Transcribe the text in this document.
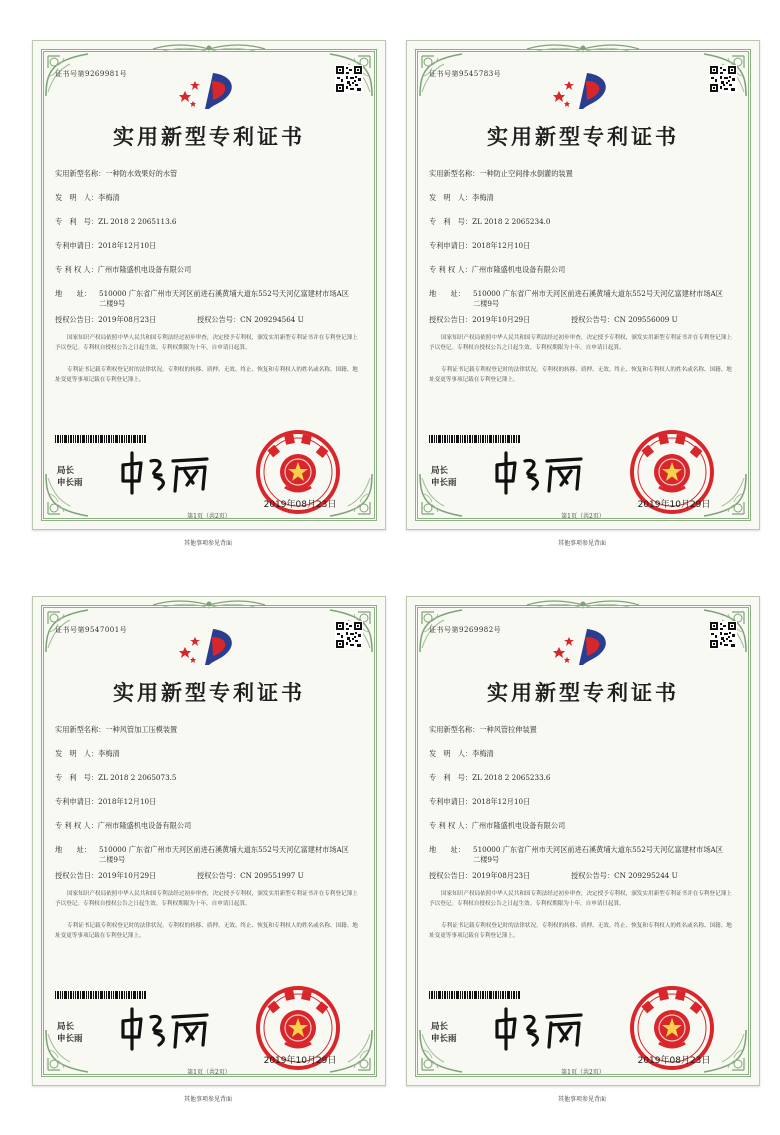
证书号第9269981号
实用新型专利证书
实用新型名称：一种防水效果好的水管
发　明　人：李梅清
专　利　号：ZL 2018 2 2065113.6
专利申请日：2018年12月10日
专 利 权 人：广州市隆盛机电设备有限公司
地　　址： 510000 广东省广州市天河区前进石溪黄埔大道东552号天河亿富建材市场A区二楼9号
授权公告日：2019年08月23日	授权公告号：CN 209294564 U
国家知识产权局依照中华人民共和国专利法经过初步审查，决定授予专利权，颁发实用新型专利证书并在专利登记簿上予以登记。专利权自授权公告之日起生效。专利权期限为十年，自申请日起算。
专利证书记载专利权登记时的法律状况。专利权的转移、质押、无效、终止、恢复和专利权人的姓名或名称、国籍、地址变更等事项记载在专利登记簿上。
局长
申长雨
2019年08月23日
第1页（共2页）
其他事项参见背面
证书号第9545783号
实用新型专利证书
实用新型名称：一种防止空间排水倒灌的装置
发　明　人：李梅清
专　利　号：ZL 2018 2 2065234.0
专利申请日：2018年12月10日
专 利 权 人：广州市隆盛机电设备有限公司
地　　址： 510000 广东省广州市天河区前进石溪黄埔大道东552号天河亿富建材市场A区二楼9号
授权公告日：2019年10月29日	授权公告号：CN 209556009 U
国家知识产权局依照中华人民共和国专利法经过初步审查，决定授予专利权，颁发实用新型专利证书并在专利登记簿上予以登记。专利权自授权公告之日起生效。专利权期限为十年，自申请日起算。
专利证书记载专利权登记时的法律状况。专利权的转移、质押、无效、终止、恢复和专利权人的姓名或名称、国籍、地址变更等事项记载在专利登记簿上。
局长
申长雨
2019年10月29日
第1页（共2页）
其他事项参见背面
证书号第9547001号
实用新型专利证书
实用新型名称：一种风管加工压模装置
发　明　人：李梅清
专　利　号：ZL 2018 2 2065073.5
专利申请日：2018年12月10日
专 利 权 人：广州市隆盛机电设备有限公司
地　　址： 510000 广东省广州市天河区前进石溪黄埔大道东552号天河亿富建材市场A区二楼9号
授权公告日：2019年10月29日	授权公告号：CN 209551997 U
国家知识产权局依照中华人民共和国专利法经过初步审查，决定授予专利权，颁发实用新型专利证书并在专利登记簿上予以登记。专利权自授权公告之日起生效。专利权期限为十年，自申请日起算。
专利证书记载专利权登记时的法律状况。专利权的转移、质押、无效、终止、恢复和专利权人的姓名或名称、国籍、地址变更等事项记载在专利登记簿上。
局长
申长雨
2019年10月29日
第1页（共2页）
其他事项参见背面
证书号第9269982号
实用新型专利证书
实用新型名称：一种风管拉伸装置
发　明　人：李梅清
专　利　号：ZL 2018 2 2065233.6
专利申请日：2018年12月10日
专 利 权 人：广州市隆盛机电设备有限公司
地　　址： 510000 广东省广州市天河区前进石溪黄埔大道东552号天河亿富建材市场A区二楼9号
授权公告日：2019年08月23日	授权公告号：CN 209295244 U
国家知识产权局依照中华人民共和国专利法经过初步审查，决定授予专利权，颁发实用新型专利证书并在专利登记簿上予以登记。专利权自授权公告之日起生效。专利权期限为十年，自申请日起算。
专利证书记载专利权登记时的法律状况。专利权的转移、质押、无效、终止、恢复和专利权人的姓名或名称、国籍、地址变更等事项记载在专利登记簿上。
局长
申长雨
2019年08月23日
第1页（共2页）
其他事项参见背面
